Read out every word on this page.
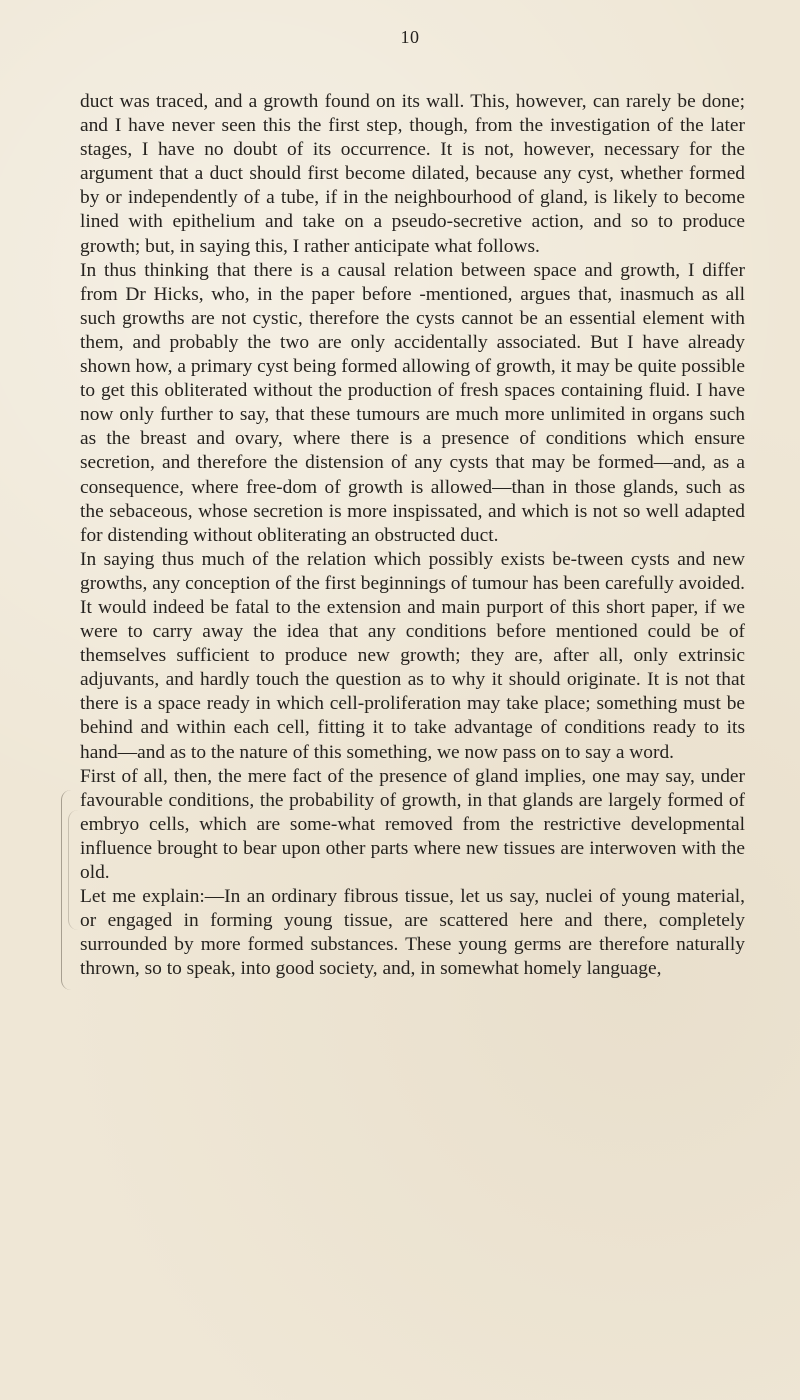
10

duct was traced, and a growth found on its wall. This, however, can rarely be done; and I have never seen this the first step, though, from the investigation of the later stages, I have no doubt of its occurrence. It is not, however, necessary for the argument that a duct should first become dilated, because any cyst, whether formed by or independently of a tube, if in the neighbourhood of gland, is likely to become lined with epithelium and take on a pseudo-secretive action, and so to produce growth; but, in saying this, I rather anticipate what follows.

In thus thinking that there is a causal relation between space and growth, I differ from Dr Hicks, who, in the paper before -mentioned, argues that, inasmuch as all such growths are not cystic, therefore the cysts cannot be an essential element with them, and probably the two are only accidentally associated. But I have already shown how, a primary cyst being formed allowing of growth, it may be quite possible to get this obliterated without the production of fresh spaces containing fluid. I have now only further to say, that these tumours are much more unlimited in organs such as the breast and ovary, where there is a presence of conditions which ensure secretion, and therefore the distension of any cysts that may be formed—and, as a consequence, where free-dom of growth is allowed—than in those glands, such as the sebaceous, whose secretion is more inspissated, and which is not so well adapted for distending without obliterating an obstructed duct.

In saying thus much of the relation which possibly exists be-tween cysts and new growths, any conception of the first beginnings of tumour has been carefully avoided. It would indeed be fatal to the extension and main purport of this short paper, if we were to carry away the idea that any conditions before mentioned could be of themselves sufficient to produce new growth; they are, after all, only extrinsic adjuvants, and hardly touch the question as to why it should originate. It is not that there is a space ready in which cell-proliferation may take place; something must be behind and within each cell, fitting it to take advantage of conditions ready to its hand—and as to the nature of this something, we now pass on to say a word.

First of all, then, the mere fact of the presence of gland implies, one may say, under favourable conditions, the probability of growth, in that glands are largely formed of embryo cells, which are some-what removed from the restrictive developmental influence brought to bear upon other parts where new tissues are interwoven with the old.

Let me explain:—In an ordinary fibrous tissue, let us say, nuclei of young material, or engaged in forming young tissue, are scattered here and there, completely surrounded by more formed substances. These young germs are therefore naturally thrown, so to speak, into good society, and, in somewhat homely language,
